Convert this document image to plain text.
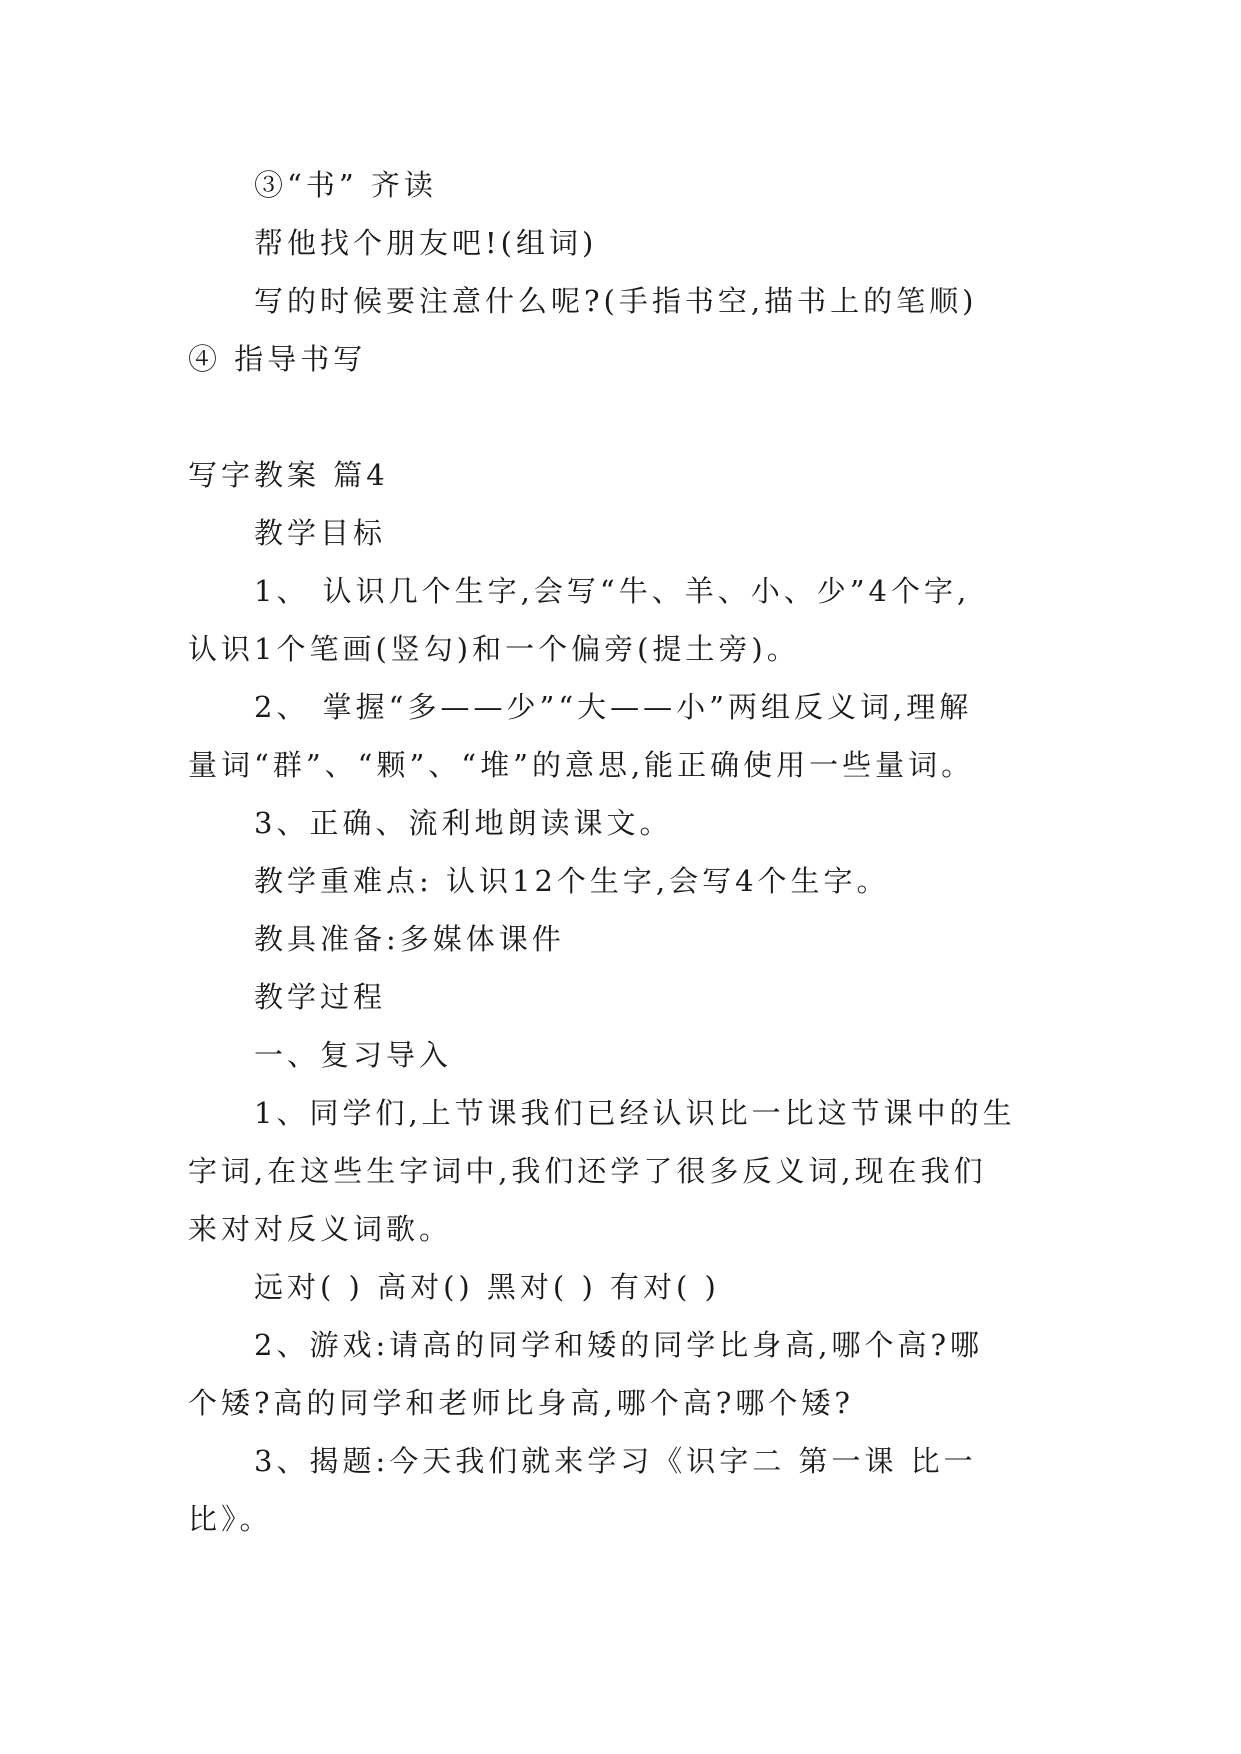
③“书” 齐读
帮他找个朋友吧!(组词)
写的时候要注意什么呢?(手指书空,描书上的笔顺)
④ 指导书写
写字教案 篇4
教学目标
1、 认识几个生字,会写“牛、羊、小、少”4个字,
认识1个笔画(竖勾)和一个偏旁(提土旁)。
2、 掌握“多——少”“大——小”两组反义词,理解
量词“群”、“颗”、“堆”的意思,能正确使用一些量词。
3、正确、流利地朗读课文。
教学重难点: 认识12个生字,会写4个生字。
教具准备:多媒体课件
教学过程
一、复习导入
1、同学们,上节课我们已经认识比一比这节课中的生
字词,在这些生字词中,我们还学了很多反义词,现在我们
来对对反义词歌。
远对( ) 高对() 黑对( ) 有对( )
2、游戏:请高的同学和矮的同学比身高,哪个高?哪
个矮?高的同学和老师比身高,哪个高?哪个矮?
3、揭题:今天我们就来学习《识字二 第一课 比一
比》。
